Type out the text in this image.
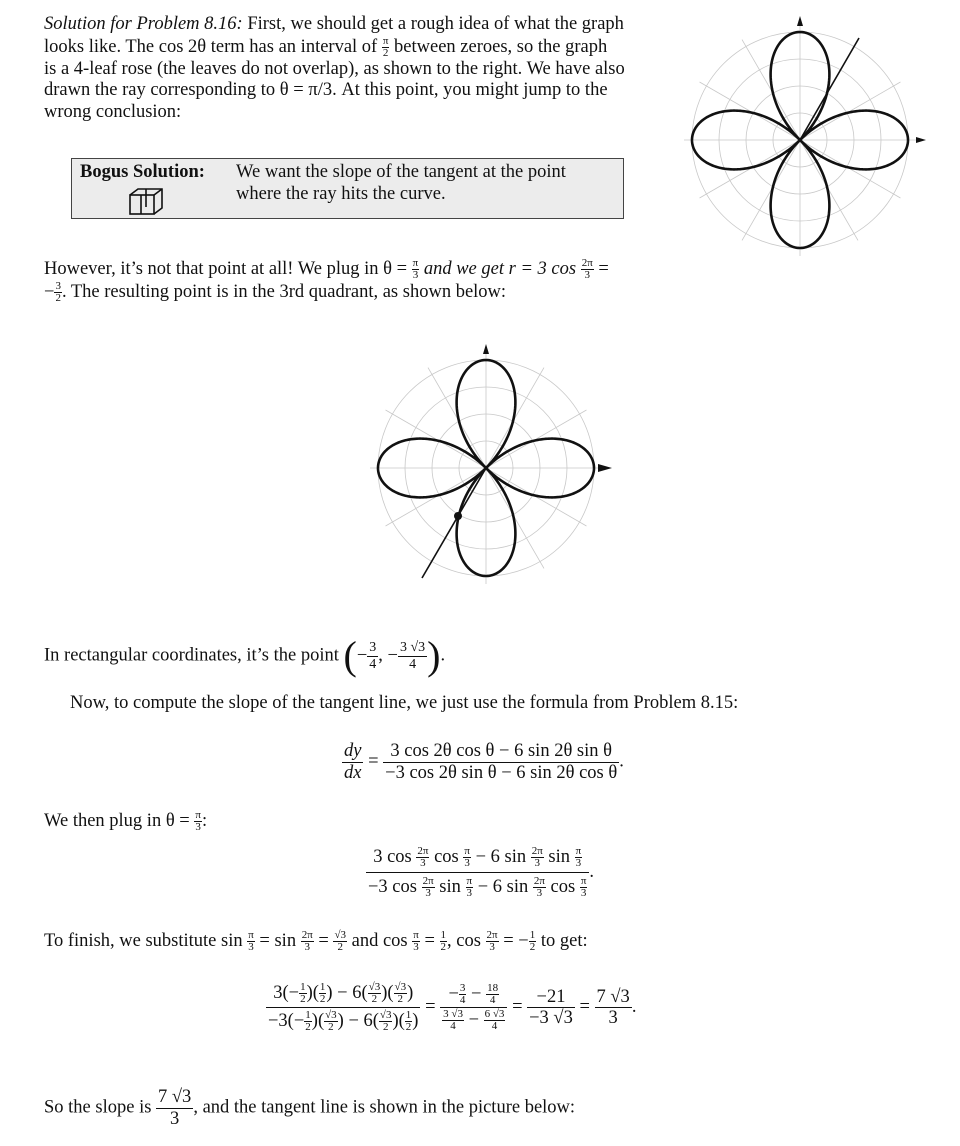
Solution for Problem 8.16: First, we should get a rough idea of what the graph
looks like. The cos 2θ term has an interval of $\frac{\pi}{2}$ between zeroes, so the graph
is a 4-leaf rose (the leaves do not overlap), as shown to the right. We have also
drawn the ray corresponding to θ = π/3. At this point, you might jump to the
wrong conclusion:
Bogus Solution: We want the slope of the tangent at the point
where the ray hits the curve.
However, it’s not that point at all! We plug in $\theta = \frac{\pi}{3}$ and we get r = 3 $\cos \frac{2\pi}{3}$ =
− $\frac{3}{2}$ . The resulting point is in the 3rd quadrant, as shown below:
In rectangular coordinates, it’s the point (− $\frac{3}{4}$ , − $\frac{3 √3}{4}$ ).
Now, to compute the slope of the tangent line, we just use the formula from Problem 8.15:
$\frac{dy}{dx} = \frac{\text{3 cos 2θ cos θ − 6 sin 2θ sin θ}}{\text{−3 cos 2θ sin θ − 6 sin 2θ cos θ}}$ .
We then plug in $\theta = \frac{\pi}{3}$ :
$\frac{3 \cos \frac{2\pi}{3} \cos \frac{\pi}{3} - 6 \sin \frac{2\pi}{3} \sin \frac{\pi}{3}}{-3 \cos \frac{2\pi}{3} \sin \frac{\pi}{3} - 6 \sin \frac{2\pi}{3} \cos \frac{\pi}{3}}$ .
To finish, we substitute $\sin \frac{\pi}{3} = \sin \frac{2\pi}{3} = \frac{√3}{2}$ and $\cos \frac{\pi}{3} = \frac{1}{2}$ , $\cos \frac{2\pi}{3}$ = − $\frac{1}{2}$ to get:
$\frac{3(- \frac{1}{2} )( \frac{1}{2} ) - 6( \frac{√3}{2} )( \frac{√3}{2} )}{-3(- \frac{1}{2} )( \frac{√3}{2} ) - 6( \frac{√3}{2} )( \frac{1}{2} )} = \frac{- \frac{3}{4} - \frac{18}{4}}{\frac{3 √3}{4} - \frac{6 √3}{4}} = \frac{-21}{-3 √3} = \frac{7 √3}{3}$ .
So the slope is $\frac{7 √3}{3}$ , and the tangent line is shown in the picture below:
